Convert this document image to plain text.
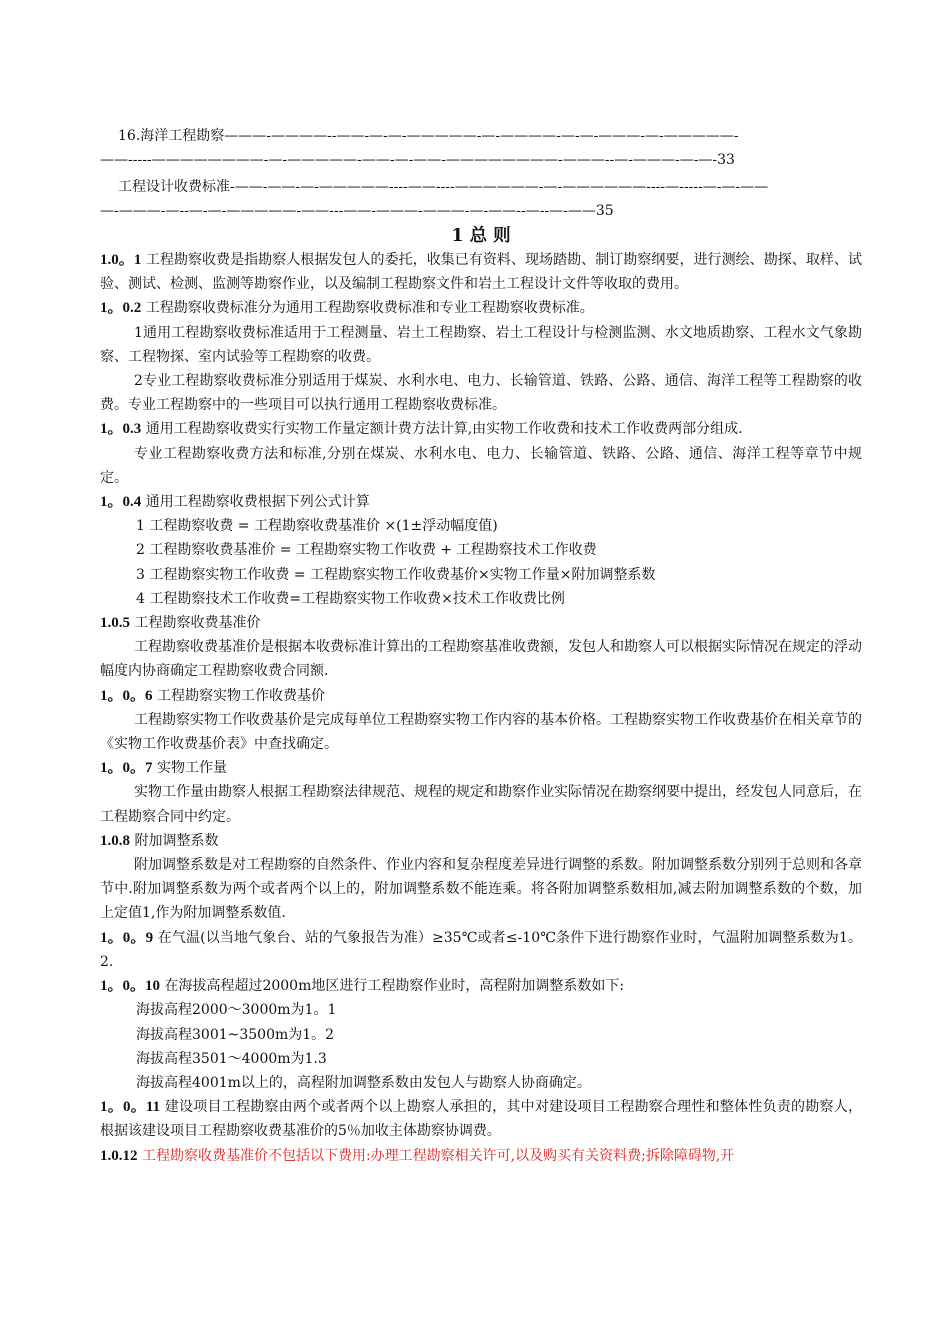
16.海洋工程勘察———-————--——-—-—-—————-—-————-—-—-———-—-—————-
——-----————————-—-—————-——-—-——-————————-———--—-———-—-—-33
工程设计收费标准-——-——-—-—————----——----——————-—-——————----—-----—-—-——
—-———-—--—-—-—————-——---——-———-———-—-——--—--—-——35
1 总 则

1.0。1 工程勘察收费是指勘察人根据发包人的委托，收集已有资料、现场踏勘、制订勘察纲要，进行测绘、勘探、取样、试验、测试、检测、监测等勘察作业，以及编制工程勘察文件和岩土工程设计文件等收取的费用。

1。0.2 工程勘察收费标准分为通用工程勘察收费标准和专业工程勘察收费标准。

1通用工程勘察收费标准适用于工程测量、岩土工程勘察、岩土工程设计与检测监测、水文地质勘察、工程水文气象勘察、工程物探、室内试验等工程勘察的收费。

2专业工程勘察收费标准分别适用于煤炭、水利水电、电力、长输管道、铁路、公路、通信、海洋工程等工程勘察的收费。专业工程勘察中的一些项目可以执行通用工程勘察收费标准。

1。0.3 通用工程勘察收费实行实物工作量定额计费方法计算,由实物工作收费和技术工作收费两部分组成.

专业工程勘察收费方法和标准,分别在煤炭、水利水电、电力、长输管道、铁路、公路、通信、海洋工程等章节中规定。

1。0.4 通用工程勘察收费根据下列公式计算

1 工程勘察收费 = 工程勘察收费基准价 ×(1±浮动幅度值)

2 工程勘察收费基准价 = 工程勘察实物工作收费 + 工程勘察技术工作收费

3 工程勘察实物工作收费 = 工程勘察实物工作收费基价×实物工作量×附加调整系数

4 工程勘察技术工作收费=工程勘察实物工作收费×技术工作收费比例

1.0.5 工程勘察收费基准价

工程勘察收费基准价是根据本收费标准计算出的工程勘察基准收费额，发包人和勘察人可以根据实际情况在规定的浮动幅度内协商确定工程勘察收费合同额.

1。0。6 工程勘察实物工作收费基价

工程勘察实物工作收费基价是完成每单位工程勘察实物工作内容的基本价格。工程勘察实物工作收费基价在相关章节的《实物工作收费基价表》中查找确定。

1。0。7 实物工作量

实物工作量由勘察人根据工程勘察法律规范、规程的规定和勘察作业实际情况在勘察纲要中提出，经发包人同意后，在工程勘察合同中约定。

1.0.8 附加调整系数

附加调整系数是对工程勘察的自然条件、作业内容和复杂程度差异进行调整的系数。附加调整系数分别列于总则和各章节中.附加调整系数为两个或者两个以上的，附加调整系数不能连乘。将各附加调整系数相加,减去附加调整系数的个数，加上定值1,作为附加调整系数值.

1。0。9 在气温(以当地气象台、站的气象报告为准）≥35℃或者≤-10℃条件下进行勘察作业时，气温附加调整系数为1。2.

1。0。10 在海拔高程超过2000m地区进行工程勘察作业时，高程附加调整系数如下:

海拔高程2000～3000m为1。1

海拔高程3001~3500m为1。2

海拔高程3501～4000m为1.3

海拔高程4001m以上的，高程附加调整系数由发包人与勘察人协商确定。

1。0。11 建设项目工程勘察由两个或者两个以上勘察人承担的，其中对建设项目工程勘察合理性和整体性负责的勘察人，根据该建设项目工程勘察收费基准价的5％加收主体勘察协调费。

1.0.12 工程勘察收费基准价不包括以下费用:办理工程勘察相关许可,以及购买有关资料费;拆除障碍物,开
